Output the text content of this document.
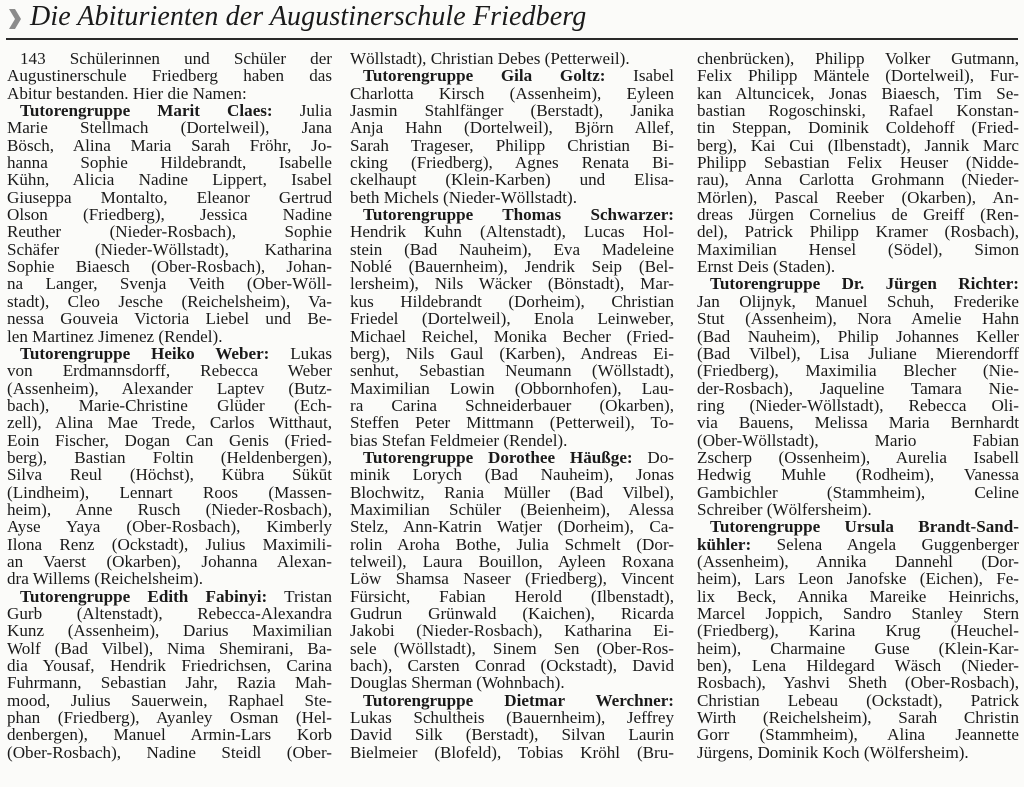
Die Abiturienten der Augustinerschule Friedberg
143 Schülerinnen und Schüler der
Augustinerschule Friedberg haben das
Abitur bestanden. Hier die Namen:
Tutorengruppe Marit Claes: Julia
Marie Stellmach (Dortelweil), Jana
Bösch, Alina Maria Sarah Fröhr, Jo-
hanna Sophie Hildebrandt, Isabelle
Kühn, Alicia Nadine Lippert, Isabel
Giuseppa Montalto, Eleanor Gertrud
Olson (Friedberg), Jessica Nadine
Reuther (Nieder-Rosbach), Sophie
Schäfer (Nieder-Wöllstadt), Katharina
Sophie Biaesch (Ober-Rosbach), Johan-
na Langer, Svenja Veith (Ober-Wöll-
stadt), Cleo Jesche (Reichelsheim), Va-
nessa Gouveia Victoria Liebel und Be-
len Martinez Jimenez (Rendel).
Tutorengruppe Heiko Weber: Lukas
von Erdmannsdorff, Rebecca Weber
(Assenheim), Alexander Laptev (Butz-
bach), Marie-Christine Glüder (Ech-
zell), Alina Mae Trede, Carlos Witthaut,
Eoin Fischer, Dogan Can Genis (Fried-
berg), Bastian Foltin (Heldenbergen),
Silva Reul (Höchst), Kübra Sükūt
(Lindheim), Lennart Roos (Massen-
heim), Anne Rusch (Nieder-Rosbach),
Ayse Yaya (Ober-Rosbach), Kimberly
Ilona Renz (Ockstadt), Julius Maximili-
an Vaerst (Okarben), Johanna Alexan-
dra Willems (Reichelsheim).
Tutorengruppe Edith Fabinyi: Tristan
Gurb (Altenstadt), Rebecca-Alexandra
Kunz (Assenheim), Darius Maximilian
Wolf (Bad Vilbel), Nima Shemirani, Ba-
dia Yousaf, Hendrik Friedrichsen, Carina
Fuhrmann, Sebastian Jahr, Razia Mah-
mood, Julius Sauerwein, Raphael Ste-
phan (Friedberg), Ayanley Osman (Hel-
denbergen), Manuel Armin-Lars Korb
(Ober-Rosbach), Nadine Steidl (Ober-
Wöllstadt), Christian Debes (Petterweil).
Tutorengruppe Gila Goltz: Isabel
Charlotta Kirsch (Assenheim), Eyleen
Jasmin Stahlfänger (Berstadt), Janika
Anja Hahn (Dortelweil), Björn Allef,
Sarah Trageser, Philipp Christian Bi-
cking (Friedberg), Agnes Renata Bi-
ckelhaupt (Klein-Karben) und Elisa-
beth Michels (Nieder-Wöllstadt).
Tutorengruppe Thomas Schwarzer:
Hendrik Kuhn (Altenstadt), Lucas Hol-
stein (Bad Nauheim), Eva Madeleine
Noblé (Bauernheim), Jendrik Seip (Bel-
lersheim), Nils Wäcker (Bönstadt), Mar-
kus Hildebrandt (Dorheim), Christian
Friedel (Dortelweil), Enola Leinweber,
Michael Reichel, Monika Becher (Fried-
berg), Nils Gaul (Karben), Andreas Ei-
senhut, Sebastian Neumann (Wöllstadt),
Maximilian Lowin (Obbornhofen), Lau-
ra Carina Schneiderbauer (Okarben),
Steffen Peter Mittmann (Petterweil), To-
bias Stefan Feldmeier (Rendel).
Tutorengruppe Dorothee Häußge: Do-
minik Lorych (Bad Nauheim), Jonas
Blochwitz, Rania Müller (Bad Vilbel),
Maximilian Schüler (Beienheim), Alessa
Stelz, Ann-Katrin Watjer (Dorheim), Ca-
rolin Aroha Bothe, Julia Schmelt (Dor-
telweil), Laura Bouillon, Ayleen Roxana
Löw Shamsa Naseer (Friedberg), Vincent
Fürsicht, Fabian Herold (Ilbenstadt),
Gudrun Grünwald (Kaichen), Ricarda
Jakobi (Nieder-Rosbach), Katharina Ei-
sele (Wöllstadt), Sinem Sen (Ober-Ros-
bach), Carsten Conrad (Ockstadt), David
Douglas Sherman (Wohnbach).
Tutorengruppe Dietmar Werchner:
Lukas Schultheis (Bauernheim), Jeffrey
David Silk (Berstadt), Silvan Laurin
Bielmeier (Blofeld), Tobias Kröhl (Bru-
chenbrücken), Philipp Volker Gutmann,
Felix Philipp Mäntele (Dortelweil), Fur-
kan Altuncicek, Jonas Biaesch, Tim Se-
bastian Rogoschinski, Rafael Konstan-
tin Steppan, Dominik Coldehoff (Fried-
berg), Kai Cui (Ilbenstadt), Jannik Marc
Philipp Sebastian Felix Heuser (Nidde-
rau), Anna Carlotta Grohmann (Nieder-
Mörlen), Pascal Reeber (Okarben), An-
dreas Jürgen Cornelius de Greiff (Ren-
del), Patrick Philipp Kramer (Rosbach),
Maximilian Hensel (Södel), Simon
Ernst Deis (Staden).
Tutorengruppe Dr. Jürgen Richter:
Jan Olijnyk, Manuel Schuh, Frederike
Stut (Assenheim), Nora Amelie Hahn
(Bad Nauheim), Philip Johannes Keller
(Bad Vilbel), Lisa Juliane Mierendorff
(Friedberg), Maximilia Blecher (Nie-
der-Rosbach), Jaqueline Tamara Nie-
ring (Nieder-Wöllstadt), Rebecca Oli-
via Bauens, Melissa Maria Bernhardt
(Ober-Wöllstadt), Mario Fabian
Zscherp (Ossenheim), Aurelia Isabell
Hedwig Muhle (Rodheim), Vanessa
Gambichler (Stammheim), Celine
Schreiber (Wölfersheim).
Tutorengruppe Ursula Brandt-Sand-
kühler: Selena Angela Guggenberger
(Assenheim), Annika Dannehl (Dor-
heim), Lars Leon Janofske (Eichen), Fe-
lix Beck, Annika Mareike Heinrichs,
Marcel Joppich, Sandro Stanley Stern
(Friedberg), Karina Krug (Heuchel-
heim), Charmaine Guse (Klein-Kar-
ben), Lena Hildegard Wäsch (Nieder-
Rosbach), Yashvi Sheth (Ober-Rosbach),
Christian Lebeau (Ockstadt), Patrick
Wirth (Reichelsheim), Sarah Christin
Gorr (Stammheim), Alina Jeannette
Jürgens, Dominik Koch (Wölfersheim).
